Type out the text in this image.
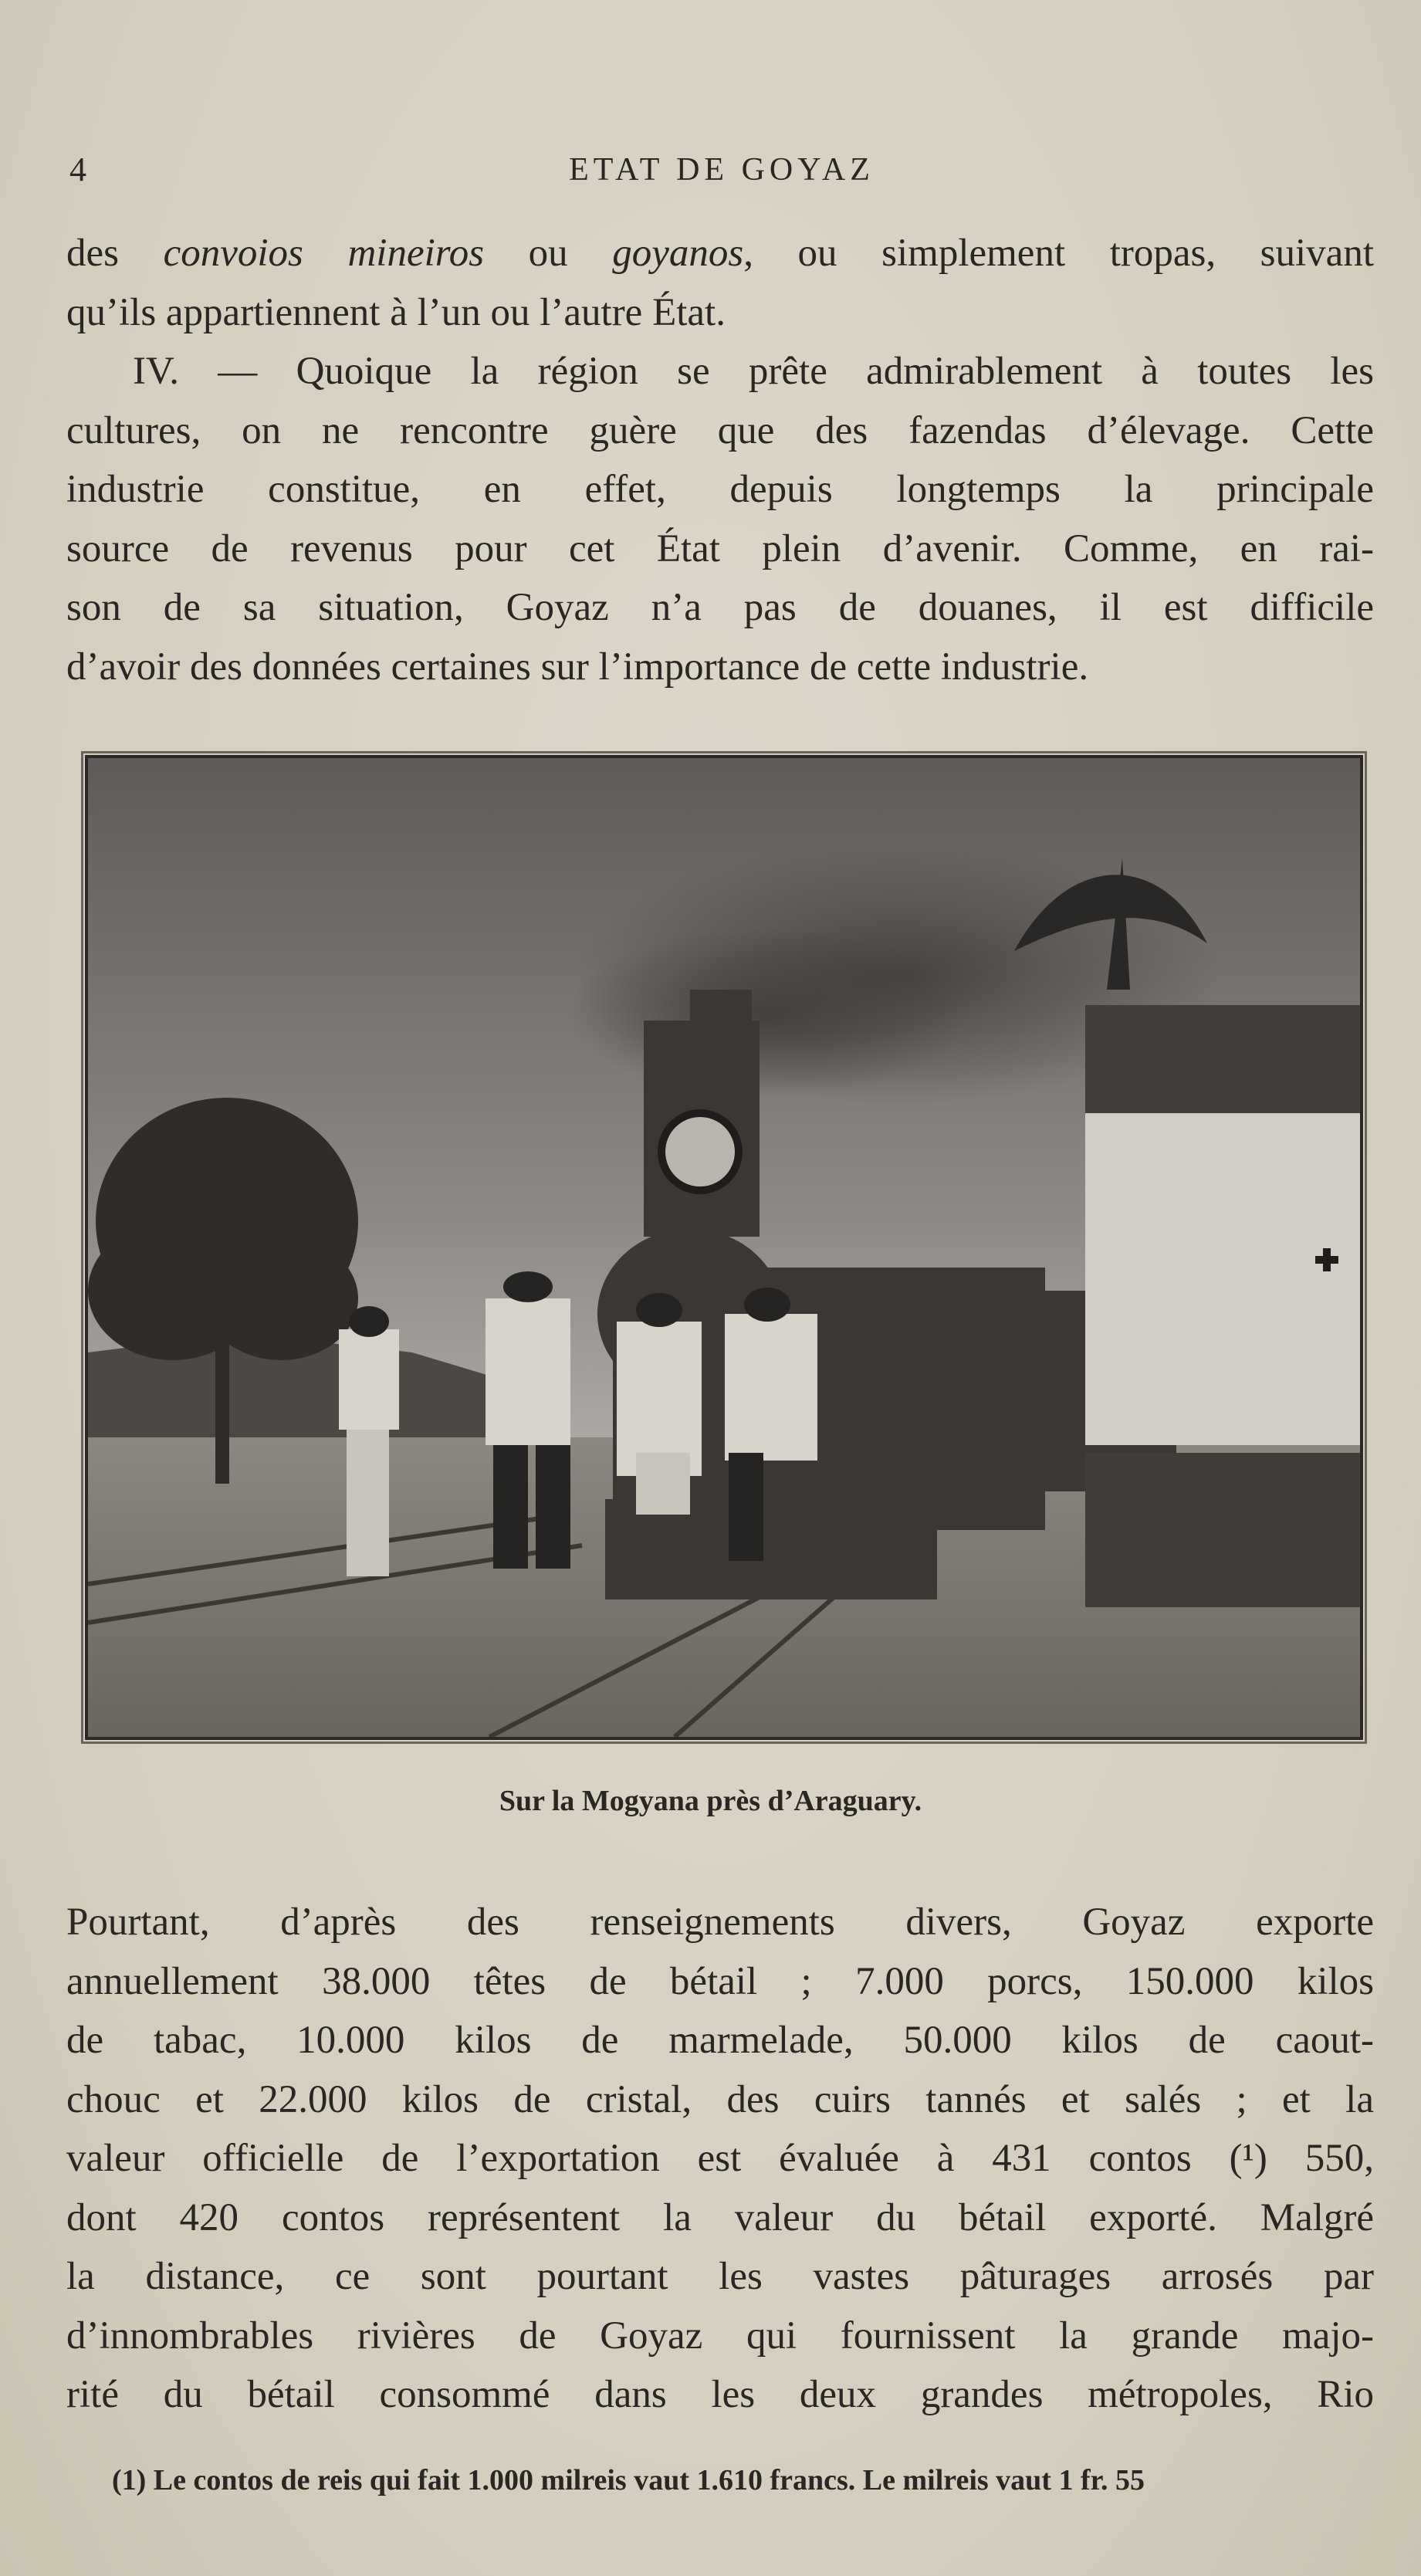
4	ETAT DE GOYAZ
des convoios mineiros ou goyanos, ou simplement tropas, suivant
qu’ils appartiennent à l’un ou l’autre État.
IV. — Quoique la région se prête admirablement à toutes les
cultures, on ne rencontre guère que des fazendas d’élevage. Cette
industrie constitue, en effet, depuis longtemps la principale
source de revenus pour cet État plein d’avenir. Comme, en rai-
son de sa situation, Goyaz n’a pas de douanes, il est difficile
d’avoir des données certaines sur l’importance de cette industrie.
Sur la Mogyana près d’Araguary.
Pourtant, d’après des renseignements divers, Goyaz exporte
annuellement 38.000 têtes de bétail ; 7.000 porcs, 150.000 kilos
de tabac, 10.000 kilos de marmelade, 50.000 kilos de caout-
chouc et 22.000 kilos de cristal, des cuirs tannés et salés ; et la
valeur officielle de l’exportation est évaluée à 431 contos (¹) 550,
dont 420 contos représentent la valeur du bétail exporté. Malgré
la distance, ce sont pourtant les vastes pâturages arrosés par
d’innombrables rivières de Goyaz qui fournissent la grande majo-
rité du bétail consommé dans les deux grandes métropoles, Rio
(1) Le contos de reis qui fait 1.000 milreis vaut 1.610 francs. Le milreis vaut 1 fr. 55
